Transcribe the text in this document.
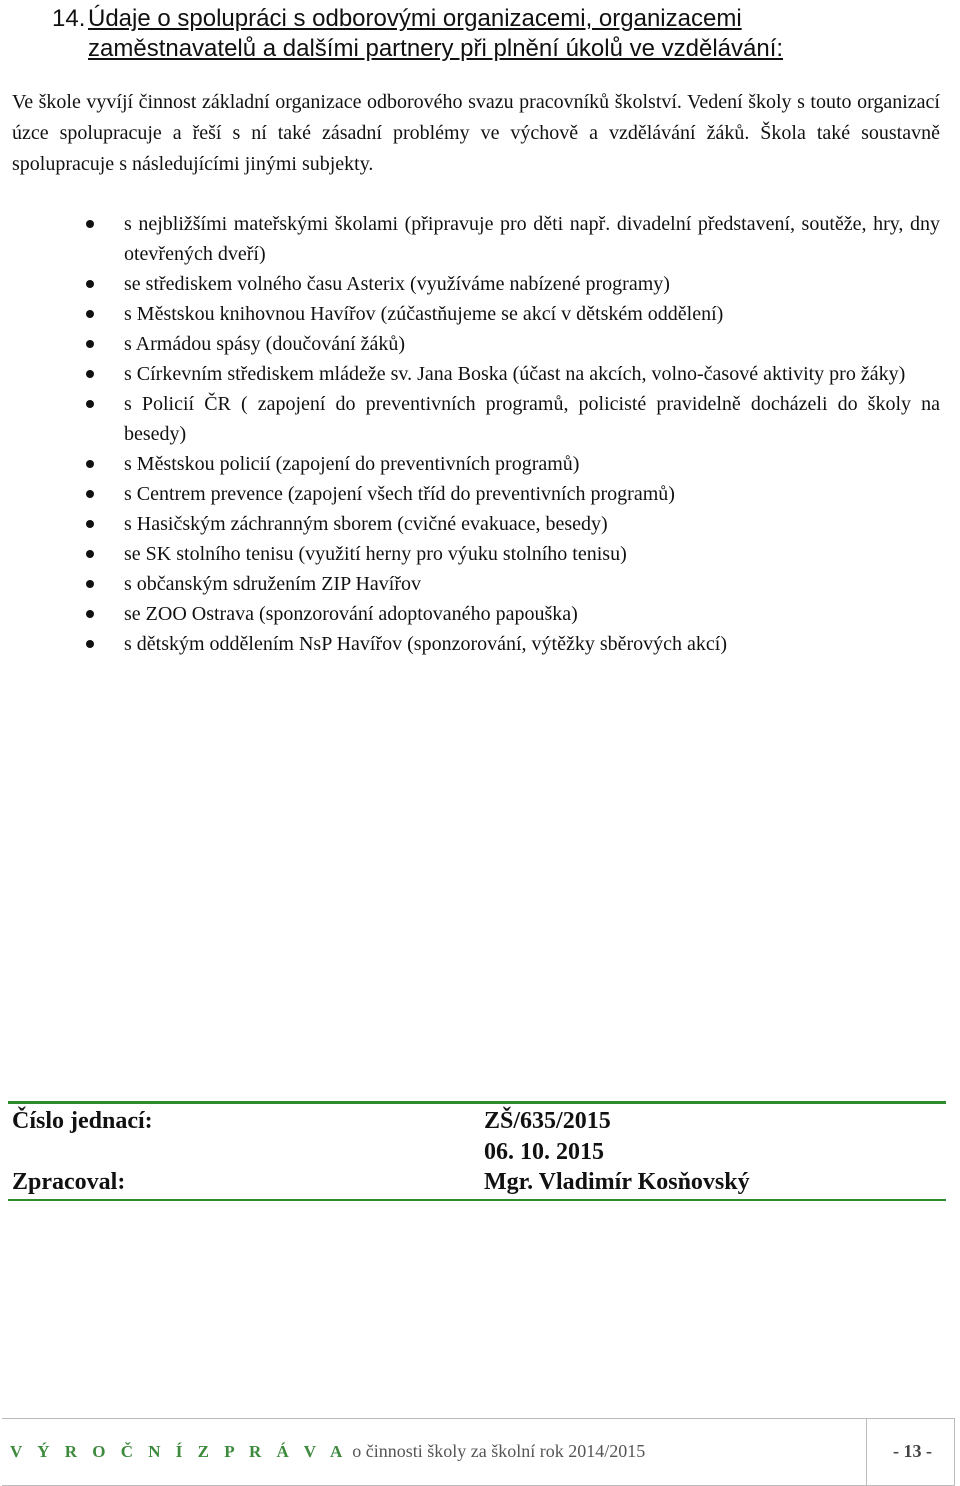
14. Údaje o spolupráci s odborovými organizacemi, organizacemi
zaměstnavatelů a dalšími partnery při plnění úkolů ve vzdělávání:

Ve škole vyvíjí činnost základní organizace odborového svazu pracovníků školství. Vedení školy s touto organizací úzce spolupracuje a řeší s ní také zásadní problémy ve výchově a vzdělávání žáků. Škola také soustavně spolupracuje s následujícími jinými subjekty.

s nejbližšími mateřskými školami (připravuje pro děti např. divadelní představení, soutěže, hry, dny otevřených dveří)
se střediskem volného času Asterix (využíváme nabízené programy)
s Městskou knihovnou Havířov (zúčastňujeme se akcí v dětském oddělení)
s Armádou spásy (doučování žáků)
s Církevním střediskem mládeže sv. Jana Boska (účast na akcích, volno-časové aktivity pro žáky)
s Policií ČR ( zapojení do preventivních programů, policisté pravidelně docházeli do školy na besedy)
s Městskou policií (zapojení do preventivních programů)
s Centrem prevence (zapojení všech tříd do preventivních programů)
s Hasičským záchranným sborem (cvičné evakuace, besedy)
se SK stolního tenisu (využití herny pro výuku stolního tenisu)
s občanským sdružením ZIP Havířov
se ZOO Ostrava (sponzorování adoptovaného papouška)
s dětským oddělením NsP Havířov (sponzorování, výtěžky sběrových akcí)
Číslo jednací:	ZŠ/635/2015
06. 10. 2015
Zpracoval:	Mgr. Vladimír Kosňovský
V Ý R O Č N Í Z P R Á V A o činnosti školy za školní rok 2014/2015	- 13 -
